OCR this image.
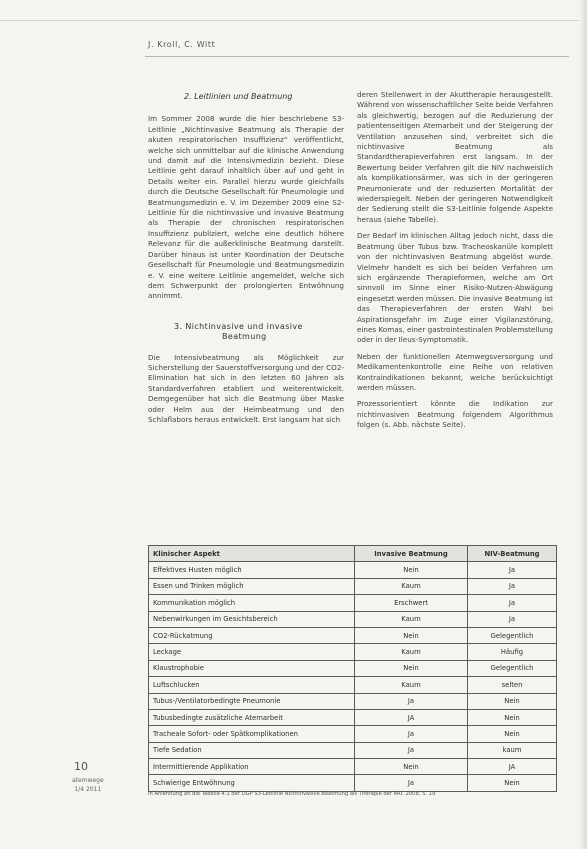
J. Kroll, C. Witt
2. Leitlinien und Beatmung

Im Sommer 2008 wurde die hier beschriebene S3-Leitlinie „Nichtinvasive Beatmung als Therapie der akuten respiratorischen Insuffizienz“ veröffentlicht, welche sich unmittelbar auf die klinische Anwendung und damit auf die Intensivmedizin bezieht. Diese Leitlinie geht darauf inhaltlich über auf und geht in Details weiter ein. Parallel hierzu wurde gleichfalls durch die Deutsche Gesellschaft für Pneumologie und Beatmungsmedizin e. V. im Dezember 2009 eine S2-Leitlinie für die nichtinvasive und invasive Beatmung als Therapie der chronischen respiratorischen Insuffizienz publiziert, welche eine deutlich höhere Relevanz für die außerklinische Beatmung darstellt. Darüber hinaus ist unter Koordination der Deutsche Gesellschaft für Pneumologie und Beatmungsmedizin e. V. eine weitere Leitlinie angemeldet, welche sich dem Schwerpunkt der prolongierten Entwöhnung annimmt.

3. Nichtinvasive und invasive
Beatmung

Die Intensivbeatmung als Möglichkeit zur Sicherstellung der Sauerstoffversorgung und der CO2-Elimination hat sich in den letzten 60 Jahren als Standardverfahren etabliert und weiterentwickelt. Demgegenüber hat sich die Beatmung über Maske oder Helm aus der Heimbeatmung und den Schlaflabors heraus entwickelt. Erst langsam hat sich

deren Stellenwert in der Akuttherapie herausgestellt. Während von wissenschaftlicher Seite beide Verfahren als gleichwertig, bezogen auf die Reduzierung der patientenseitigen Atemarbeit und der Steigerung der Ventilation anzusehen sind, verbreitet sich die nichtinvasive Beatmung als Standardtherapieverfahren erst langsam. In der Bewertung beider Verfahren gilt die NIV nachweislich als komplikationsärmer, was sich in der geringeren Pneumonierate und der reduzierten Mortalität der wiederspiegelt. Neben der geringeren Notwendigkeit der Sedierung stellt die S3-Leitlinie folgende Aspekte heraus (siehe Tabelle).

Der Bedarf im klinischen Alltag jedoch nicht, dass die Beatmung über Tubus bzw. Tracheoskanüle komplett von der nichtinvasiven Beatmung abgelöst wurde. Vielmehr handelt es sich bei beiden Verfahren um sich ergänzende Therapieformen, welche am Ort sinnvoll im Sinne einer Risiko-Nutzen-Abwägung eingesetzt werden müssen. Die invasive Beatmung ist das Therapieverfahren der ersten Wahl bei Aspirationsgefahr im Zuge einer Vigilanzstörung, eines Komas, einer gastrointestinalen Problemstellung oder in der Ileus-Symptomatik.

Neben der funktionellen Atemwegsversorgung und Medikamentenkontrolle eine Reihe von relativen Kontraindikationen bekannt, welche berücksichtigt werden müssen.

Prozessorientiert könnte die Indikation zur nichtinvasiven Beatmung folgendem Algorithmus folgen (s. Abb. nächste Seite).

Klinischer Aspekt	Invasive Beatmung	NIV-Beatmung
Effektives Husten möglich	Nein	Ja
Essen und Trinken möglich	Kaum	Ja
Kommunikation möglich	Erschwert	Ja
Nebenwirkungen im Gesichtsbereich	Kaum	Ja
CO2-Rückatmung	Nein	Gelegentlich
Leckage	Kaum	Häufig
Klaustrophobie	Nein	Gelegentlich
Luftschlucken	Kaum	selten
Tubus-/Ventilatorbedingte Pneumonie	Ja	Nein
Tubusbedingte zusätzliche Atemarbeit	JA	Nein
Tracheale Sofort- oder Spätkomplikationen	Ja	Nein
Tiefe Sedation	Ja	kaum
Intermittierende Applikation	Nein	JA
Schwierige Entwöhnung	Ja	Nein
In Anlehnung an die Tabelle 4.1 der DGP S3-Leitlinie Nichtinvasive Beatmung als Therapie der ARI. 2008, S. 19
10
atemwege
1/4 2011
